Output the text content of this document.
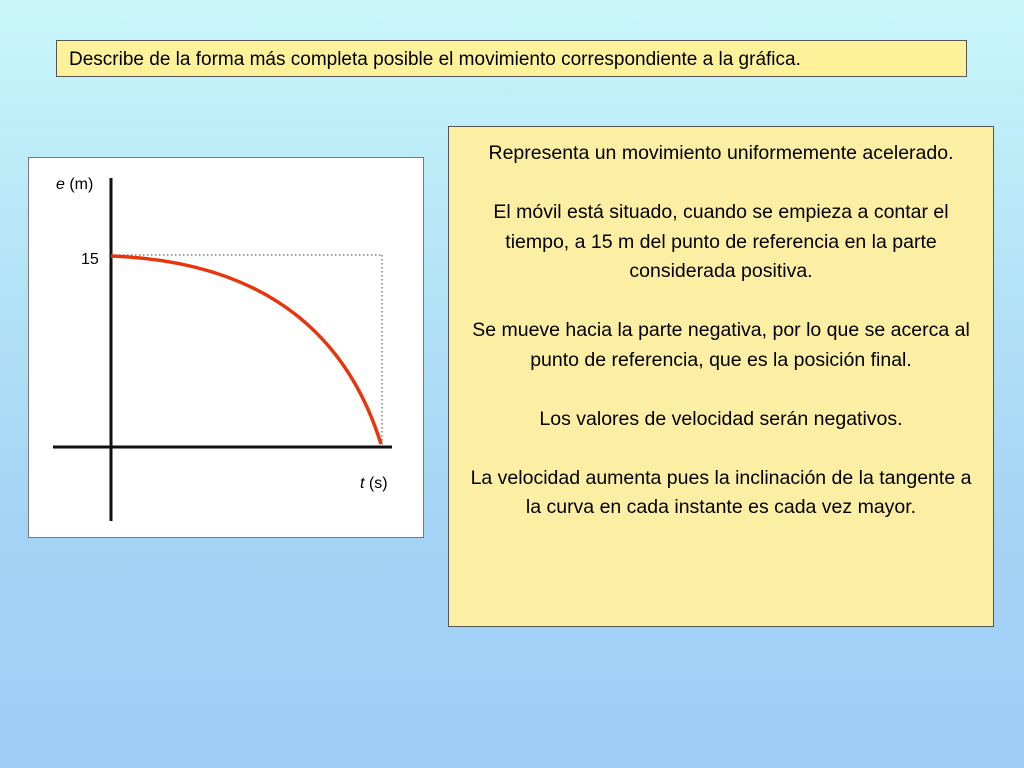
Describe de la forma más completa posible el movimiento correspondiente a la gráfica.
e (m)
15
t (s)

Representa un movimiento uniformemente acelerado.

El móvil está situado, cuando se empieza a contar el tiempo, a 15 m del punto de referencia en la parte considerada positiva.

Se mueve hacia la parte negativa, por lo que se acerca al punto de referencia, que es la posición final.

Los valores de velocidad serán negativos.

La velocidad aumenta pues la inclinación de la tangente a la curva en cada instante es cada vez mayor.
